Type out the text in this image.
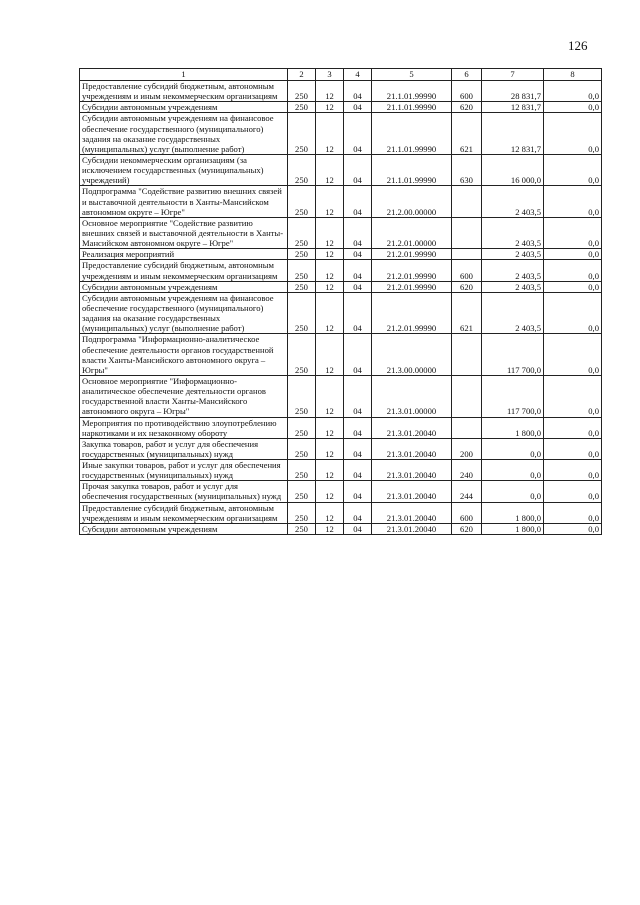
126
1	2	3	4	5	6	7	8
Предоставление субсидий бюджетным, автономным учреждениям и иным некоммерческим организациям	250	12	04	21.1.01.99990	600	28 831,7	0,0
Субсидии автономным учреждениям	250	12	04	21.1.01.99990	620	12 831,7	0,0
Субсидии автономным учреждениям на финансовое обеспечение государственного (муниципального) задания на оказание государственных (муниципальных) услуг (выполнение работ)	250	12	04	21.1.01.99990	621	12 831,7	0,0
Субсидии некоммерческим организациям (за исключением государственных (муниципальных) учреждений)	250	12	04	21.1.01.99990	630	16 000,0	0,0
Подпрограмма "Содействие развитию внешних связей и выставочной деятельности в Ханты-Мансийском автономном округе – Югре"	250	12	04	21.2.00.00000		2 403,5	0,0
Основное мероприятие "Содействие развитию внешних связей и выставочной деятельности в Ханты-Мансийском автономном округе – Югре"	250	12	04	21.2.01.00000		2 403,5	0,0
Реализация мероприятий	250	12	04	21.2.01.99990		2 403,5	0,0
Предоставление субсидий бюджетным, автономным учреждениям и иным некоммерческим организациям	250	12	04	21.2.01.99990	600	2 403,5	0,0
Субсидии автономным учреждениям	250	12	04	21.2.01.99990	620	2 403,5	0,0
Субсидии автономным учреждениям на финансовое обеспечение государственного (муниципального) задания на оказание государственных (муниципальных) услуг (выполнение работ)	250	12	04	21.2.01.99990	621	2 403,5	0,0
Подпрограмма "Информационно-аналитическое обеспечение деятельности органов государственной власти Ханты-Мансийского автономного округа – Югры"	250	12	04	21.3.00.00000		117 700,0	0,0
Основное мероприятие "Информационно-аналитическое обеспечение деятельности органов государственной власти Ханты-Мансийского автономного округа – Югры"	250	12	04	21.3.01.00000		117 700,0	0,0
Мероприятия по противодействию злоупотреблению наркотиками и их незаконному обороту	250	12	04	21.3.01.20040		1 800,0	0,0
Закупка товаров, работ и услуг для обеспечения государственных (муниципальных) нужд	250	12	04	21.3.01.20040	200	0,0	0,0
Иные закупки товаров, работ и услуг для обеспечения государственных (муниципальных) нужд	250	12	04	21.3.01.20040	240	0,0	0,0
Прочая закупка товаров, работ и услуг для обеспечения государственных (муниципальных) нужд	250	12	04	21.3.01.20040	244	0,0	0,0
Предоставление субсидий бюджетным, автономным учреждениям и иным некоммерческим организациям	250	12	04	21.3.01.20040	600	1 800,0	0,0
Субсидии автономным учреждениям	250	12	04	21.3.01.20040	620	1 800,0	0,0
